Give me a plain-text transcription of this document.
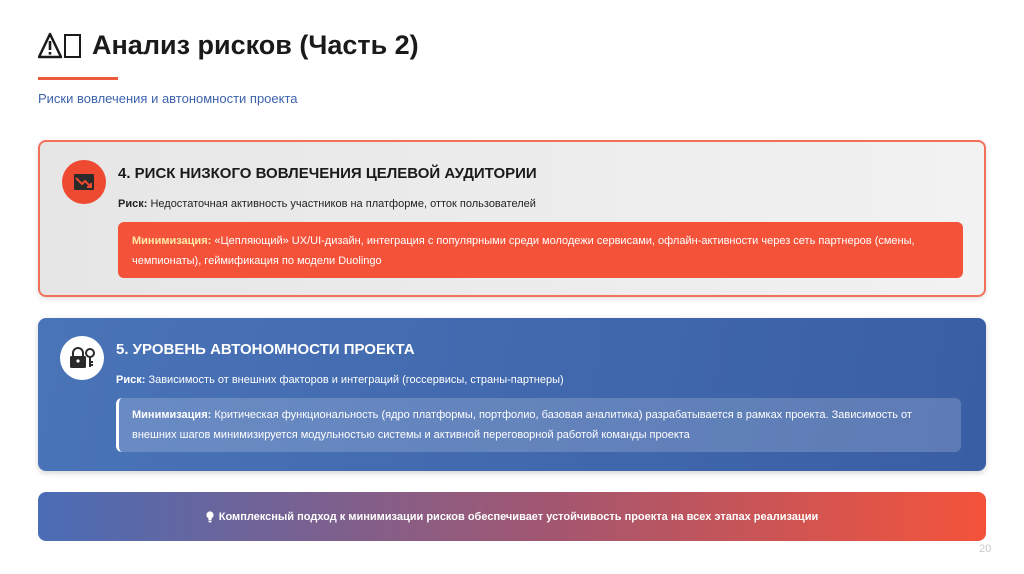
Анализ рисков (Часть 2)
Риски вовлечения и автономности проекта
4. РИСК НИЗКОГО ВОВЛЕЧЕНИЯ ЦЕЛЕВОЙ АУДИТОРИИ
Риск: Недостаточная активность участников на платформе, отток пользователей
Минимизация: «Цепляющий» UX/UI-дизайн, интеграция с популярными среди молодежи сервисами, офлайн-активности через сеть партнеров (смены,
чемпионаты), геймификация по модели Duolingo
5. УРОВЕНЬ АВТОНОМНОСТИ ПРОЕКТА
Риск: Зависимость от внешних факторов и интеграций (госсервисы, страны-партнеры)
Минимизация: Критическая функциональность (ядро платформы, портфолио, базовая аналитика) разрабатывается в рамках проекта. Зависимость от
внешних шагов минимизируется модульностью системы и активной переговорной работой команды проекта
Комплексный подход к минимизации рисков обеспечивает устойчивость проекта на всех этапах реализации
20
